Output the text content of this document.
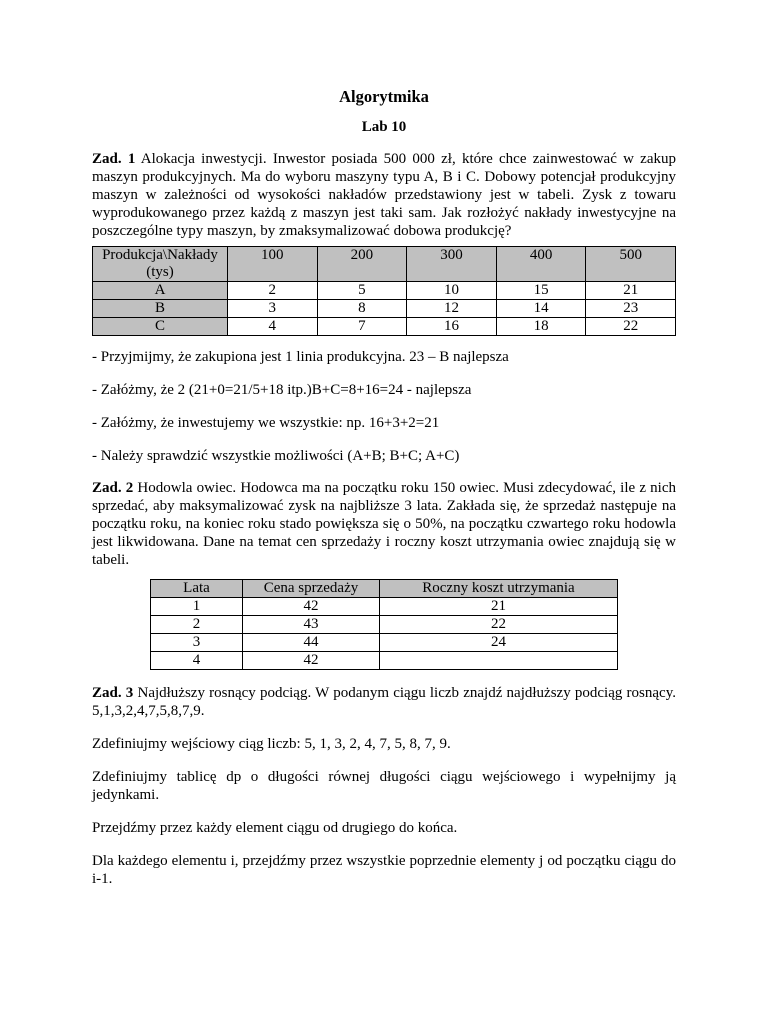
Algorytmika
Lab 10

Zad. 1 Alokacja inwestycji. Inwestor posiada 500 000 zł, które chce zainwestować w zakup maszyn produkcyjnych. Ma do wyboru maszyny typu A, B i C. Dobowy potencjał produkcyjny maszyn w zależności od wysokości nakładów przedstawiony jest w tabeli. Zysk z towaru wyprodukowanego przez każdą z maszyn jest taki sam. Jak rozłożyć nakłady inwestycyjne na poszczególne typy maszyn, by zmaksymalizować dobowa produkcję?

Produkcja\Nakłady (tys)	100	200	300	400	500
A	2	5	10	15	21
B	3	8	12	14	23
C	4	7	16	18	22

- Przyjmijmy, że zakupiona jest 1 linia produkcyjna. 23 – B najlepsza

- Załóżmy, że 2 (21+0=21/5+18 itp.)B+C=8+16=24 - najlepsza

- Załóżmy, że inwestujemy we wszystkie: np. 16+3+2=21

- Należy sprawdzić wszystkie możliwości (A+B; B+C; A+C)

Zad. 2 Hodowla owiec. Hodowca ma na początku roku 150 owiec. Musi zdecydować, ile z nich sprzedać, aby maksymalizować zysk na najbliższe 3 lata. Zakłada się, że sprzedaż następuje na początku roku, na koniec roku stado powiększa się o 50%, na początku czwartego roku hodowla jest likwidowana. Dane na temat cen sprzedaży i roczny koszt utrzymania owiec znajdują się w tabeli.

Lata	Cena sprzedaży	Roczny koszt utrzymania
1	42	21
2	43	22
3	44	24
4	42	

Zad. 3 Najdłuższy rosnący podciąg. W podanym ciągu liczb znajdź najdłuższy podciąg rosnący. 5,1,3,2,4,7,5,8,7,9.

Zdefiniujmy wejściowy ciąg liczb: 5, 1, 3, 2, 4, 7, 5, 8, 7, 9.

Zdefiniujmy tablicę dp o długości równej długości ciągu wejściowego i wypełnijmy ją jedynkami.

Przejdźmy przez każdy element ciągu od drugiego do końca.

Dla każdego elementu i, przejdźmy przez wszystkie poprzednie elementy j od początku ciągu do i-1.
